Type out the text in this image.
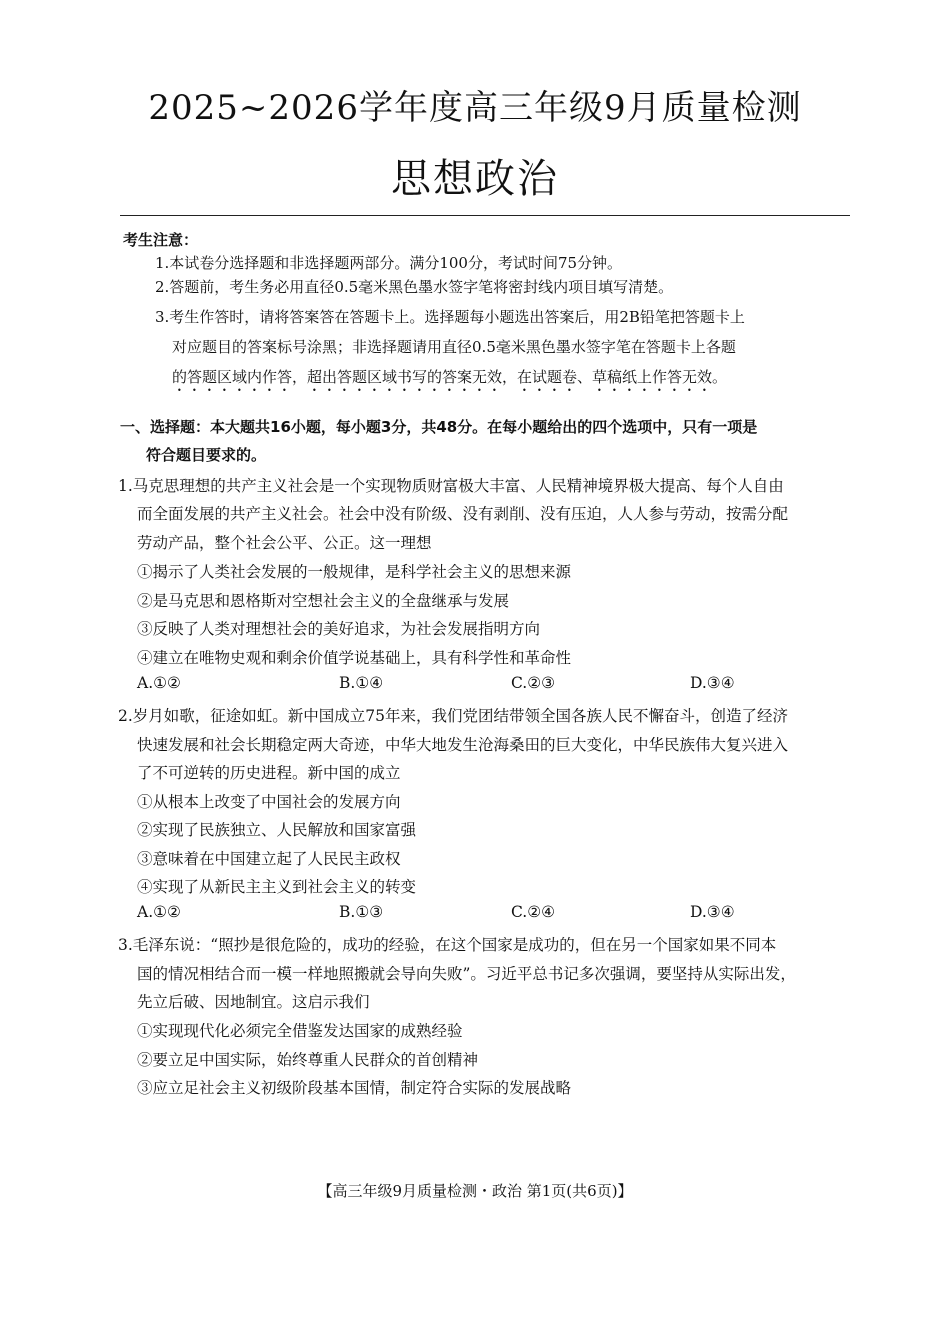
2025~2026学年度高三年级9月质量检测
思想政治
考生注意：
1.本试卷分选择题和非选择题两部分。满分100分，考试时间75分钟。
2.答题前，考生务必用直径0.5毫米黑色墨水签字笔将密封线内项目填写清楚。
3.考生作答时，请将答案答在答题卡上。选择题每小题选出答案后，用2B铅笔把答题卡上
对应题目的答案标号涂黑；非选择题请用直径0.5毫米黑色墨水签字笔在答题卡上各题
的答题区域内作答，超出答题区域书写的答案无效，在试题卷、草稿纸上作答无效。
一、选择题：本大题共16小题，每小题3分，共48分。在每小题给出的四个选项中，只有一项是
符合题目要求的。
1.马克思理想的共产主义社会是一个实现物质财富极大丰富、人民精神境界极大提高、每个人自由
而全面发展的共产主义社会。社会中没有阶级、没有剥削、没有压迫，人人参与劳动，按需分配
劳动产品，整个社会公平、公正。这一理想
①揭示了人类社会发展的一般规律，是科学社会主义的思想来源
②是马克思和恩格斯对空想社会主义的全盘继承与发展
③反映了人类对理想社会的美好追求，为社会发展指明方向
④建立在唯物史观和剩余价值学说基础上，具有科学性和革命性
A.①②	B.①④	C.②③	D.③④
2.岁月如歌，征途如虹。新中国成立75年来，我们党团结带领全国各族人民不懈奋斗，创造了经济
快速发展和社会长期稳定两大奇迹，中华大地发生沧海桑田的巨大变化，中华民族伟大复兴进入
了不可逆转的历史进程。新中国的成立
①从根本上改变了中国社会的发展方向
②实现了民族独立、人民解放和国家富强
③意味着在中国建立起了人民民主政权
④实现了从新民主主义到社会主义的转变
A.①②	B.①③	C.②④	D.③④
3.毛泽东说：“照抄是很危险的，成功的经验，在这个国家是成功的，但在另一个国家如果不同本
国的情况相结合而一模一样地照搬就会导向失败”。习近平总书记多次强调，要坚持从实际出发，
先立后破、因地制宜。这启示我们
①实现现代化必须完全借鉴发达国家的成熟经验
②要立足中国实际，始终尊重人民群众的首创精神
③应立足社会主义初级阶段基本国情，制定符合实际的发展战略
【高三年级9月质量检测・政治 第1页(共6页)】
